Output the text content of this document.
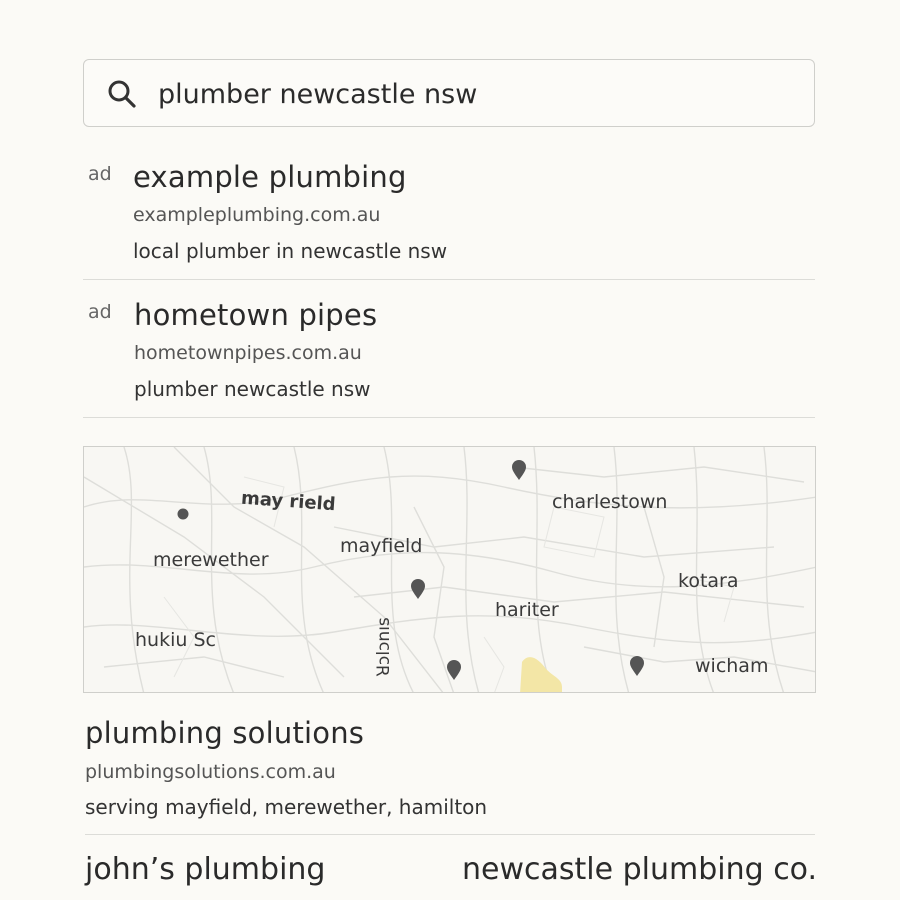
plumber newcastle nsw
ad example plumbing
exampleplumbing.com.au
local plumber in newcastle nsw
ad hometown pipes
hometownpipes.com.au
plumber newcastle nsw
may rield
merewether
mayfield
charlestown
kotara
hariter
wicham
hukiu Sc	ꓤɔlɔnıs
plumbing solutions
plumbingsolutions.com.au
serving mayfield, merewether, hamilton
john’s plumbing	newcastle plumbing co.
